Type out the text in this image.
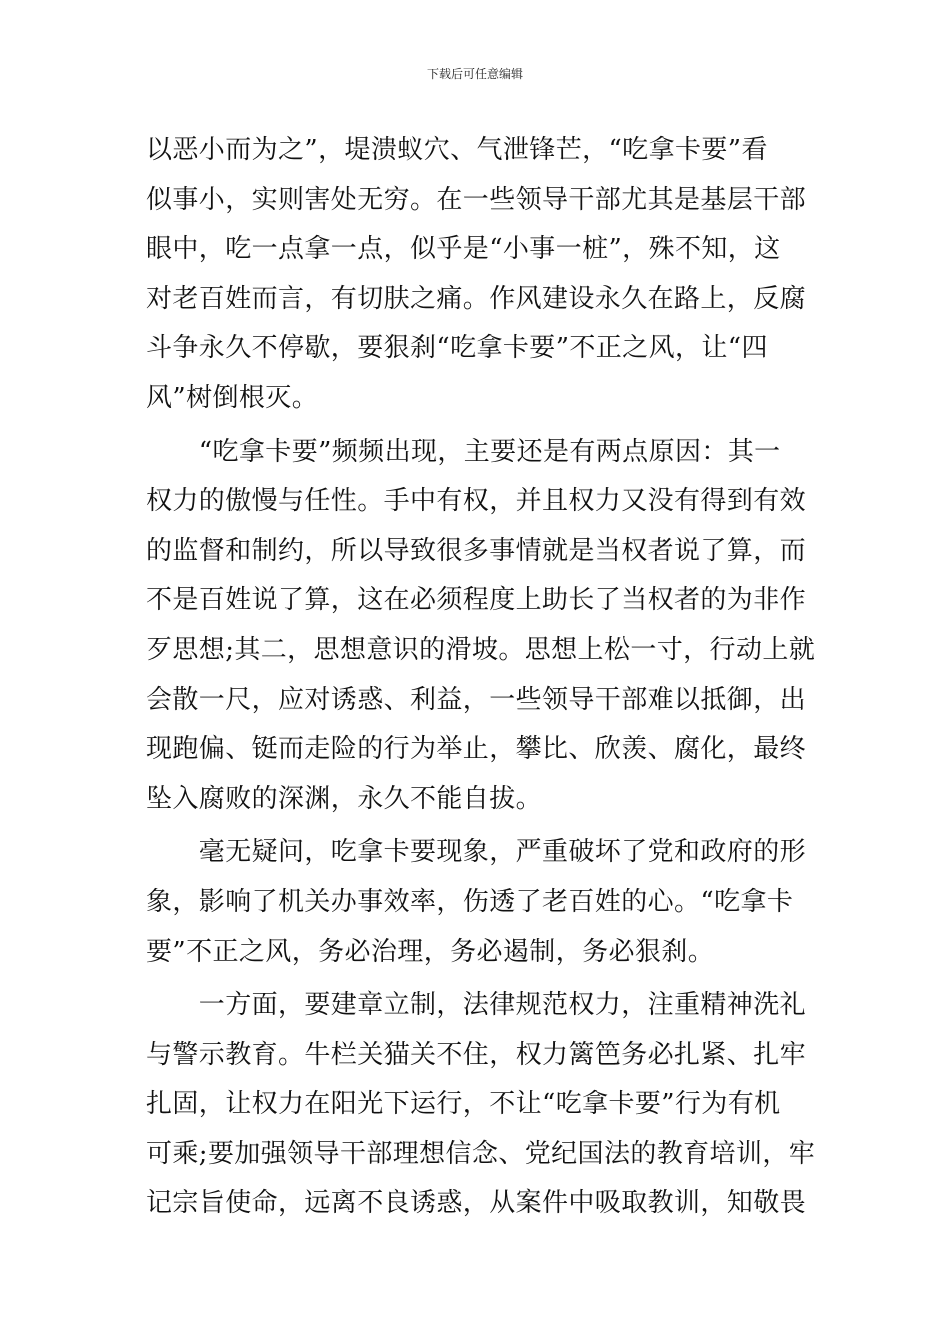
下载后可任意编辑
以恶小而为之”，堤溃蚁穴、气泄锋芒，“吃拿卡要”看
似事小，实则害处无穷。在一些领导干部尤其是基层干部
眼中，吃一点拿一点，似乎是“小事一桩”，殊不知，这
对老百姓而言，有切肤之痛。作风建设永久在路上，反腐
斗争永久不停歇，要狠刹“吃拿卡要”不正之风，让“四
风”树倒根灭。
　　“吃拿卡要”频频出现，主要还是有两点原因：其一
权力的傲慢与任性。手中有权，并且权力又没有得到有效
的监督和制约，所以导致很多事情就是当权者说了算，而
不是百姓说了算，这在必须程度上助长了当权者的为非作
歹思想;其二，思想意识的滑坡。思想上松一寸，行动上就
会散一尺，应对诱惑、利益，一些领导干部难以抵御，出
现跑偏、铤而走险的行为举止，攀比、欣羡、腐化，最终
坠入腐败的深渊，永久不能自拔。
　　毫无疑问，吃拿卡要现象，严重破坏了党和政府的形
象，影响了机关办事效率，伤透了老百姓的心。“吃拿卡
要”不正之风，务必治理，务必遏制，务必狠刹。
　　一方面，要建章立制，法律规范权力，注重精神洗礼
与警示教育。牛栏关猫关不住，权力篱笆务必扎紧、扎牢
扎固，让权力在阳光下运行，不让“吃拿卡要”行为有机
可乘;要加强领导干部理想信念、党纪国法的教育培训，牢
记宗旨使命，远离不良诱惑，从案件中吸取教训，知敬畏
